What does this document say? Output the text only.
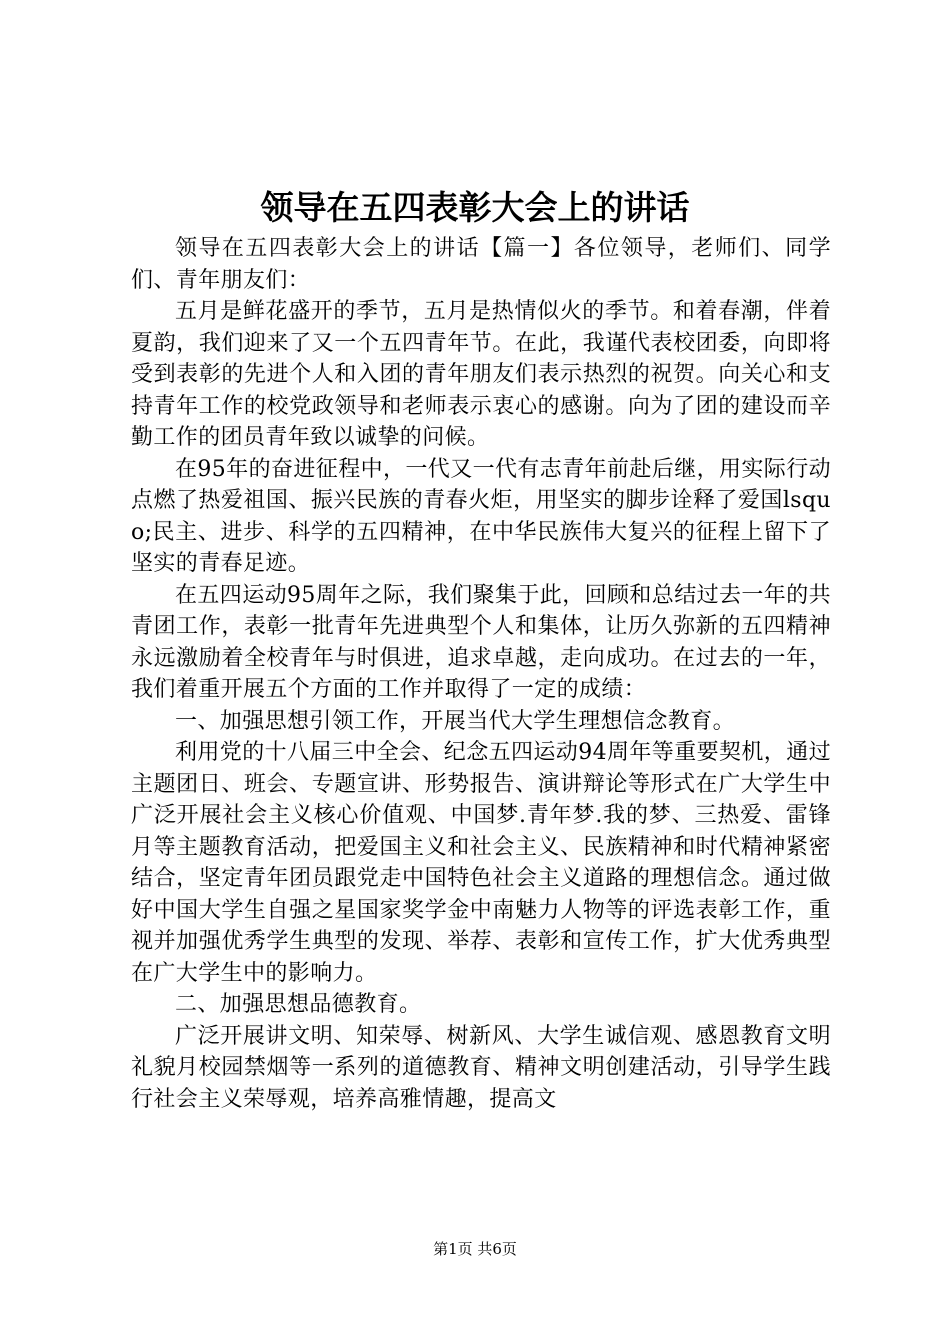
领导在五四表彰大会上的讲话

领导在五四表彰大会上的讲话【篇一】各位领导，老师们、同学们、青年朋友们：

五月是鲜花盛开的季节，五月是热情似火的季节。和着春潮，伴着夏韵，我们迎来了又一个五四青年节。在此，我谨代表校团委，向即将受到表彰的先进个人和入团的青年朋友们表示热烈的祝贺。向关心和支持青年工作的校党政领导和老师表示衷心的感谢。向为了团的建设而辛勤工作的团员青年致以诚挚的问候。

在95年的奋进征程中，一代又一代有志青年前赴后继，用实际行动点燃了热爱祖国、振兴民族的青春火炬，用坚实的脚步诠释了爱国lsquo;民主、进步、科学的五四精神，在中华民族伟大复兴的征程上留下了坚实的青春足迹。

在五四运动95周年之际，我们聚集于此，回顾和总结过去一年的共青团工作，表彰一批青年先进典型个人和集体，让历久弥新的五四精神永远激励着全校青年与时俱进，追求卓越，走向成功。在过去的一年，我们着重开展五个方面的工作并取得了一定的成绩：

一、加强思想引领工作，开展当代大学生理想信念教育。

利用党的十八届三中全会、纪念五四运动94周年等重要契机，通过主题团日、班会、专题宣讲、形势报告、演讲辩论等形式在广大学生中广泛开展社会主义核心价值观、中国梦.青年梦.我的梦、三热爱、雷锋月等主题教育活动，把爱国主义和社会主义、民族精神和时代精神紧密结合，坚定青年团员跟党走中国特色社会主义道路的理想信念。通过做好中国大学生自强之星国家奖学金中南魅力人物等的评选表彰工作，重视并加强优秀学生典型的发现、举荐、表彰和宣传工作，扩大优秀典型在广大学生中的影响力。

二、加强思想品德教育。

广泛开展讲文明、知荣辱、树新风、大学生诚信观、感恩教育文明礼貌月校园禁烟等一系列的道德教育、精神文明创建活动，引导学生践行社会主义荣辱观，培养高雅情趣，提高文

第1页 共6页
